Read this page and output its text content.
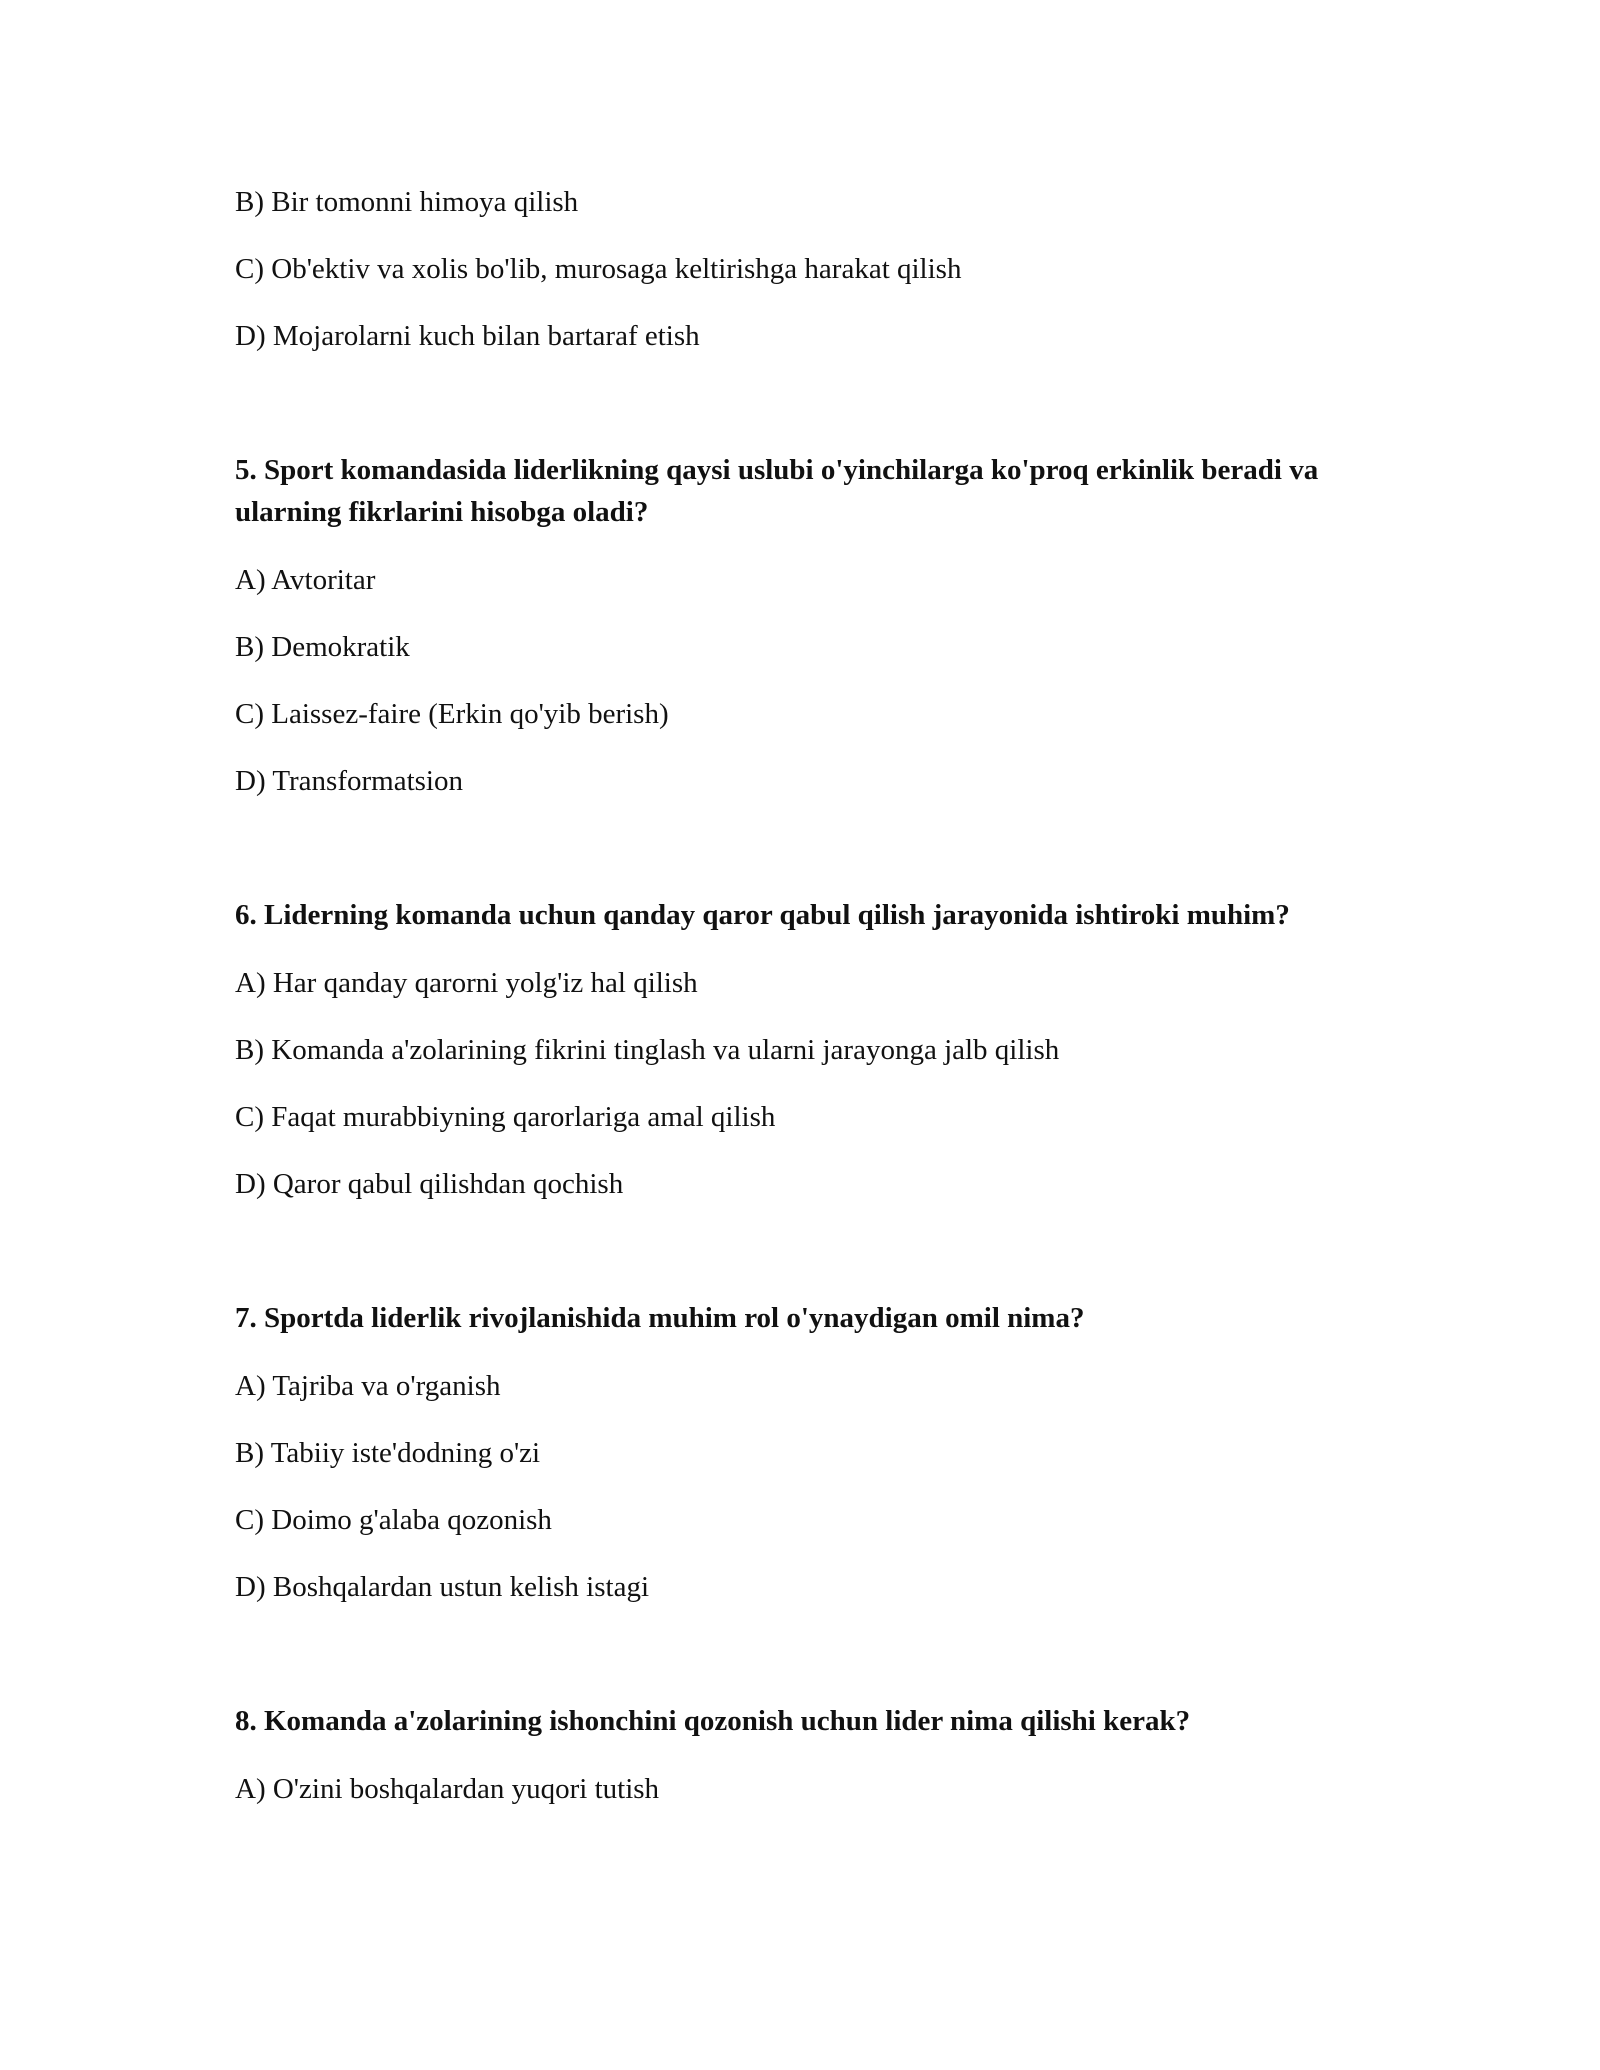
B) Bir tomonni himoya qilish

C) Ob'ektiv va xolis bo'lib, murosaga keltirishga harakat qilish

D) Mojarolarni kuch bilan bartaraf etish

5. Sport komandasida liderlikning qaysi uslubi o'yinchilarga ko'proq erkinlik beradi va ularning fikrlarini hisobga oladi?

A) Avtoritar

B) Demokratik

C) Laissez-faire (Erkin qo'yib berish)

D) Transformatsion

6. Liderning komanda uchun qanday qaror qabul qilish jarayonida ishtiroki muhim?

A) Har qanday qarorni yolg'iz hal qilish

B) Komanda a'zolarining fikrini tinglash va ularni jarayonga jalb qilish

C) Faqat murabbiyning qarorlariga amal qilish

D) Qaror qabul qilishdan qochish

7. Sportda liderlik rivojlanishida muhim rol o'ynaydigan omil nima?

A) Tajriba va o'rganish

B) Tabiiy iste'dodning o'zi

C) Doimo g'alaba qozonish

D) Boshqalardan ustun kelish istagi

8. Komanda a'zolarining ishonchini qozonish uchun lider nima qilishi kerak?

A) O'zini boshqalardan yuqori tutish
